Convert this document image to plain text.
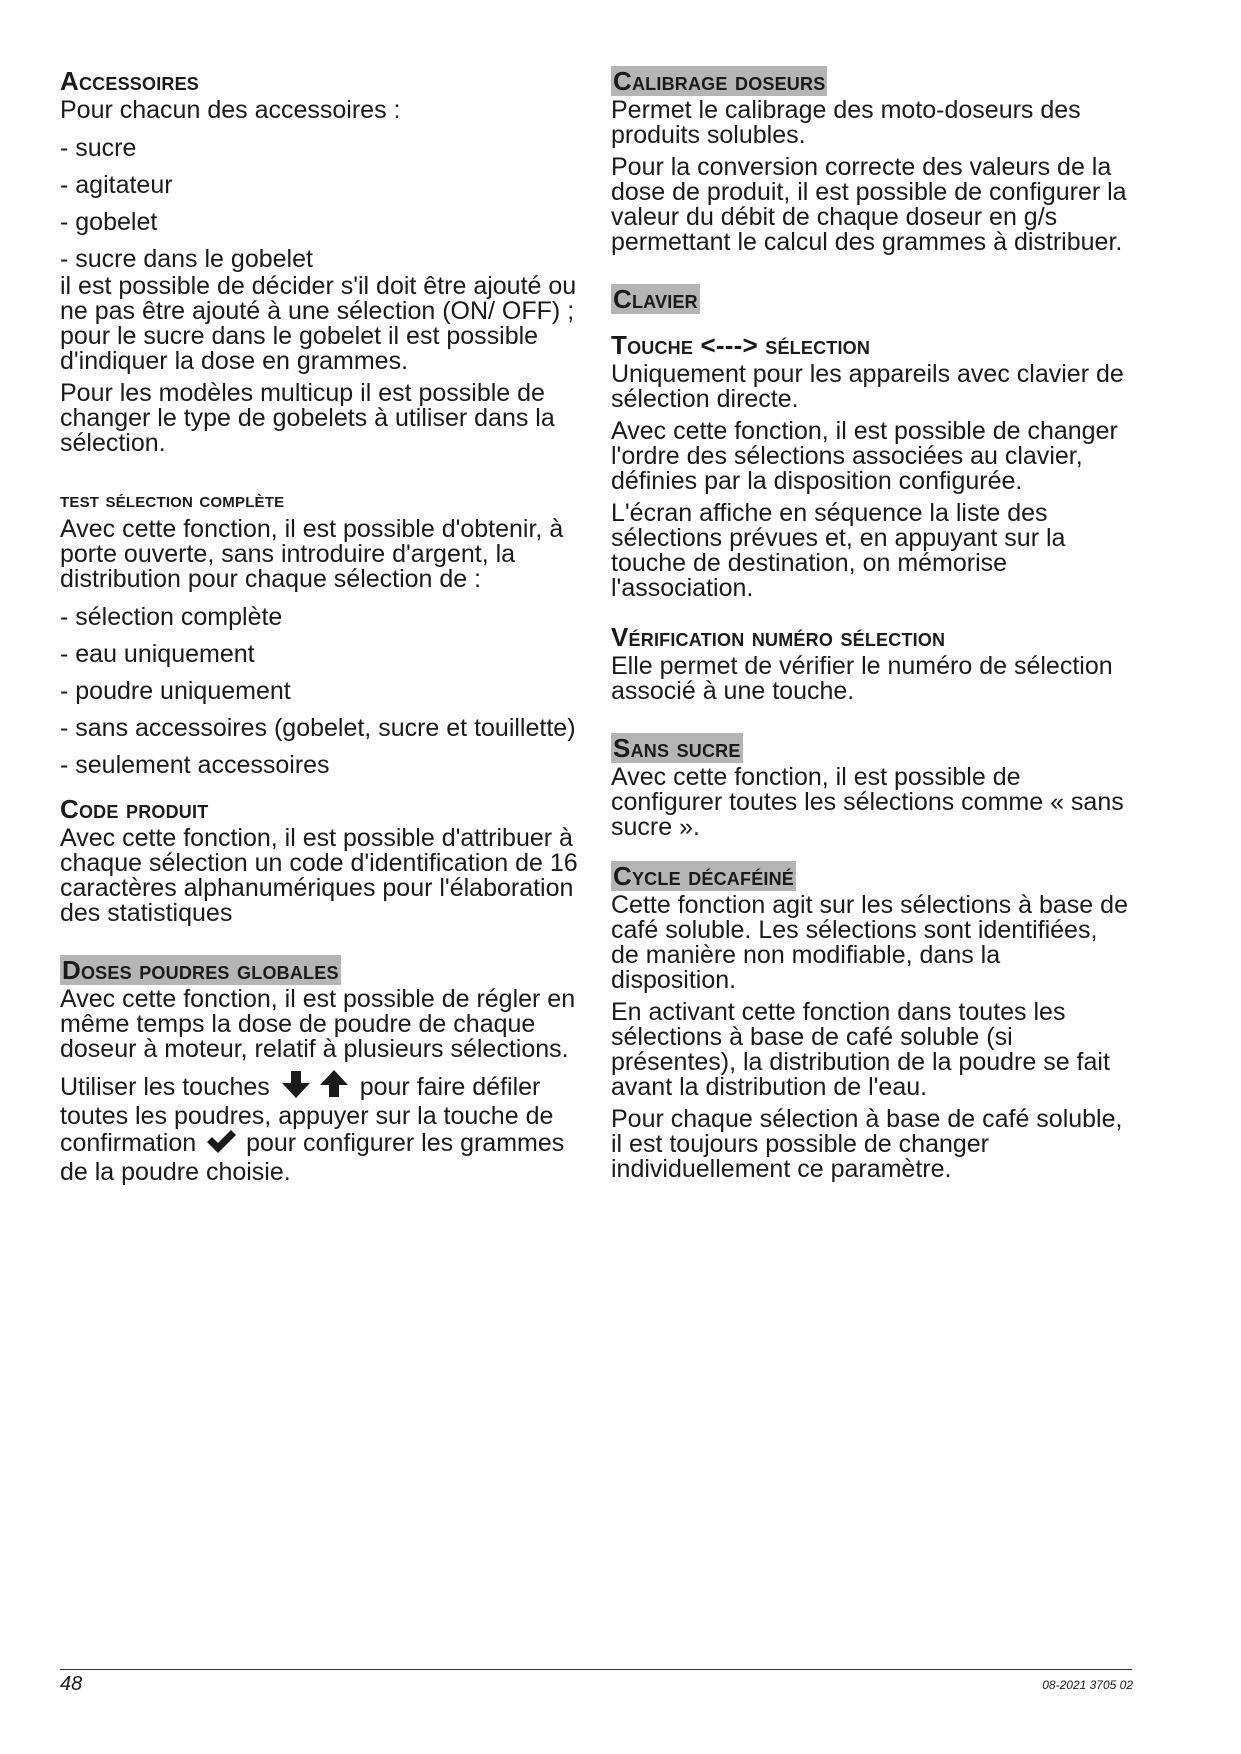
Accessoires

Pour chacun des accessoires :

- sucre
- agitateur
- gobelet
- sucre dans le gobelet

il est possible de décider s'il doit être ajouté ou ne pas être ajouté à une sélection (ON/ OFF) ; pour le sucre dans le gobelet il est possible d'indiquer la dose en grammes.

Pour les modèles multicup il est possible de changer le type de gobelets à utiliser dans la sélection.

test sélection complète

Avec cette fonction, il est possible d'obtenir, à porte ouverte, sans introduire d'argent, la distribution pour chaque sélection de :

- sélection complète
- eau uniquement
- poudre uniquement
- sans accessoires (gobelet, sucre et touillette)
- seulement accessoires
Code produit

Avec cette fonction, il est possible d'attribuer à chaque sélection un code d'identification de 16 caractères alphanumériques pour l'élaboration des statistiques

Doses poudres globales

Avec cette fonction, il est possible de régler en même temps la dose de poudre de chaque doseur à moteur, relatif à plusieurs sélections.

Utiliser les touches	pour faire défiler toutes les poudres, appuyer sur la touche de confirmation pour configurer les grammes de la poudre choisie.

Calibrage doseurs

Permet le calibrage des moto-doseurs des produits solubles.

Pour la conversion correcte des valeurs de la dose de produit, il est possible de configurer la valeur du débit de chaque doseur en g/s permettant le calcul des grammes à distribuer.

Clavier
Touche <---> sélection

Uniquement pour les appareils avec clavier de sélection directe.

Avec cette fonction, il est possible de changer l'ordre des sélections associées au clavier, définies par la disposition configurée.

L'écran affiche en séquence la liste des sélections prévues et, en appuyant sur la touche de destination, on mémorise l'association.

Vérification numéro sélection

Elle permet de vérifier le numéro de sélection associé à une touche.

Sans sucre

Avec cette fonction, il est possible de configurer toutes les sélections comme « sans sucre ».

Cycle décaféiné

Cette fonction agit sur les sélections à base de café soluble. Les sélections sont identifiées, de manière non modifiable, dans la disposition.

En activant cette fonction dans toutes les sélections à base de café soluble (si présentes), la distribution de la poudre se fait avant la distribution de l'eau.

Pour chaque sélection à base de café soluble, il est toujours possible de changer individuellement ce paramètre.

48	08-2021 3705 02
